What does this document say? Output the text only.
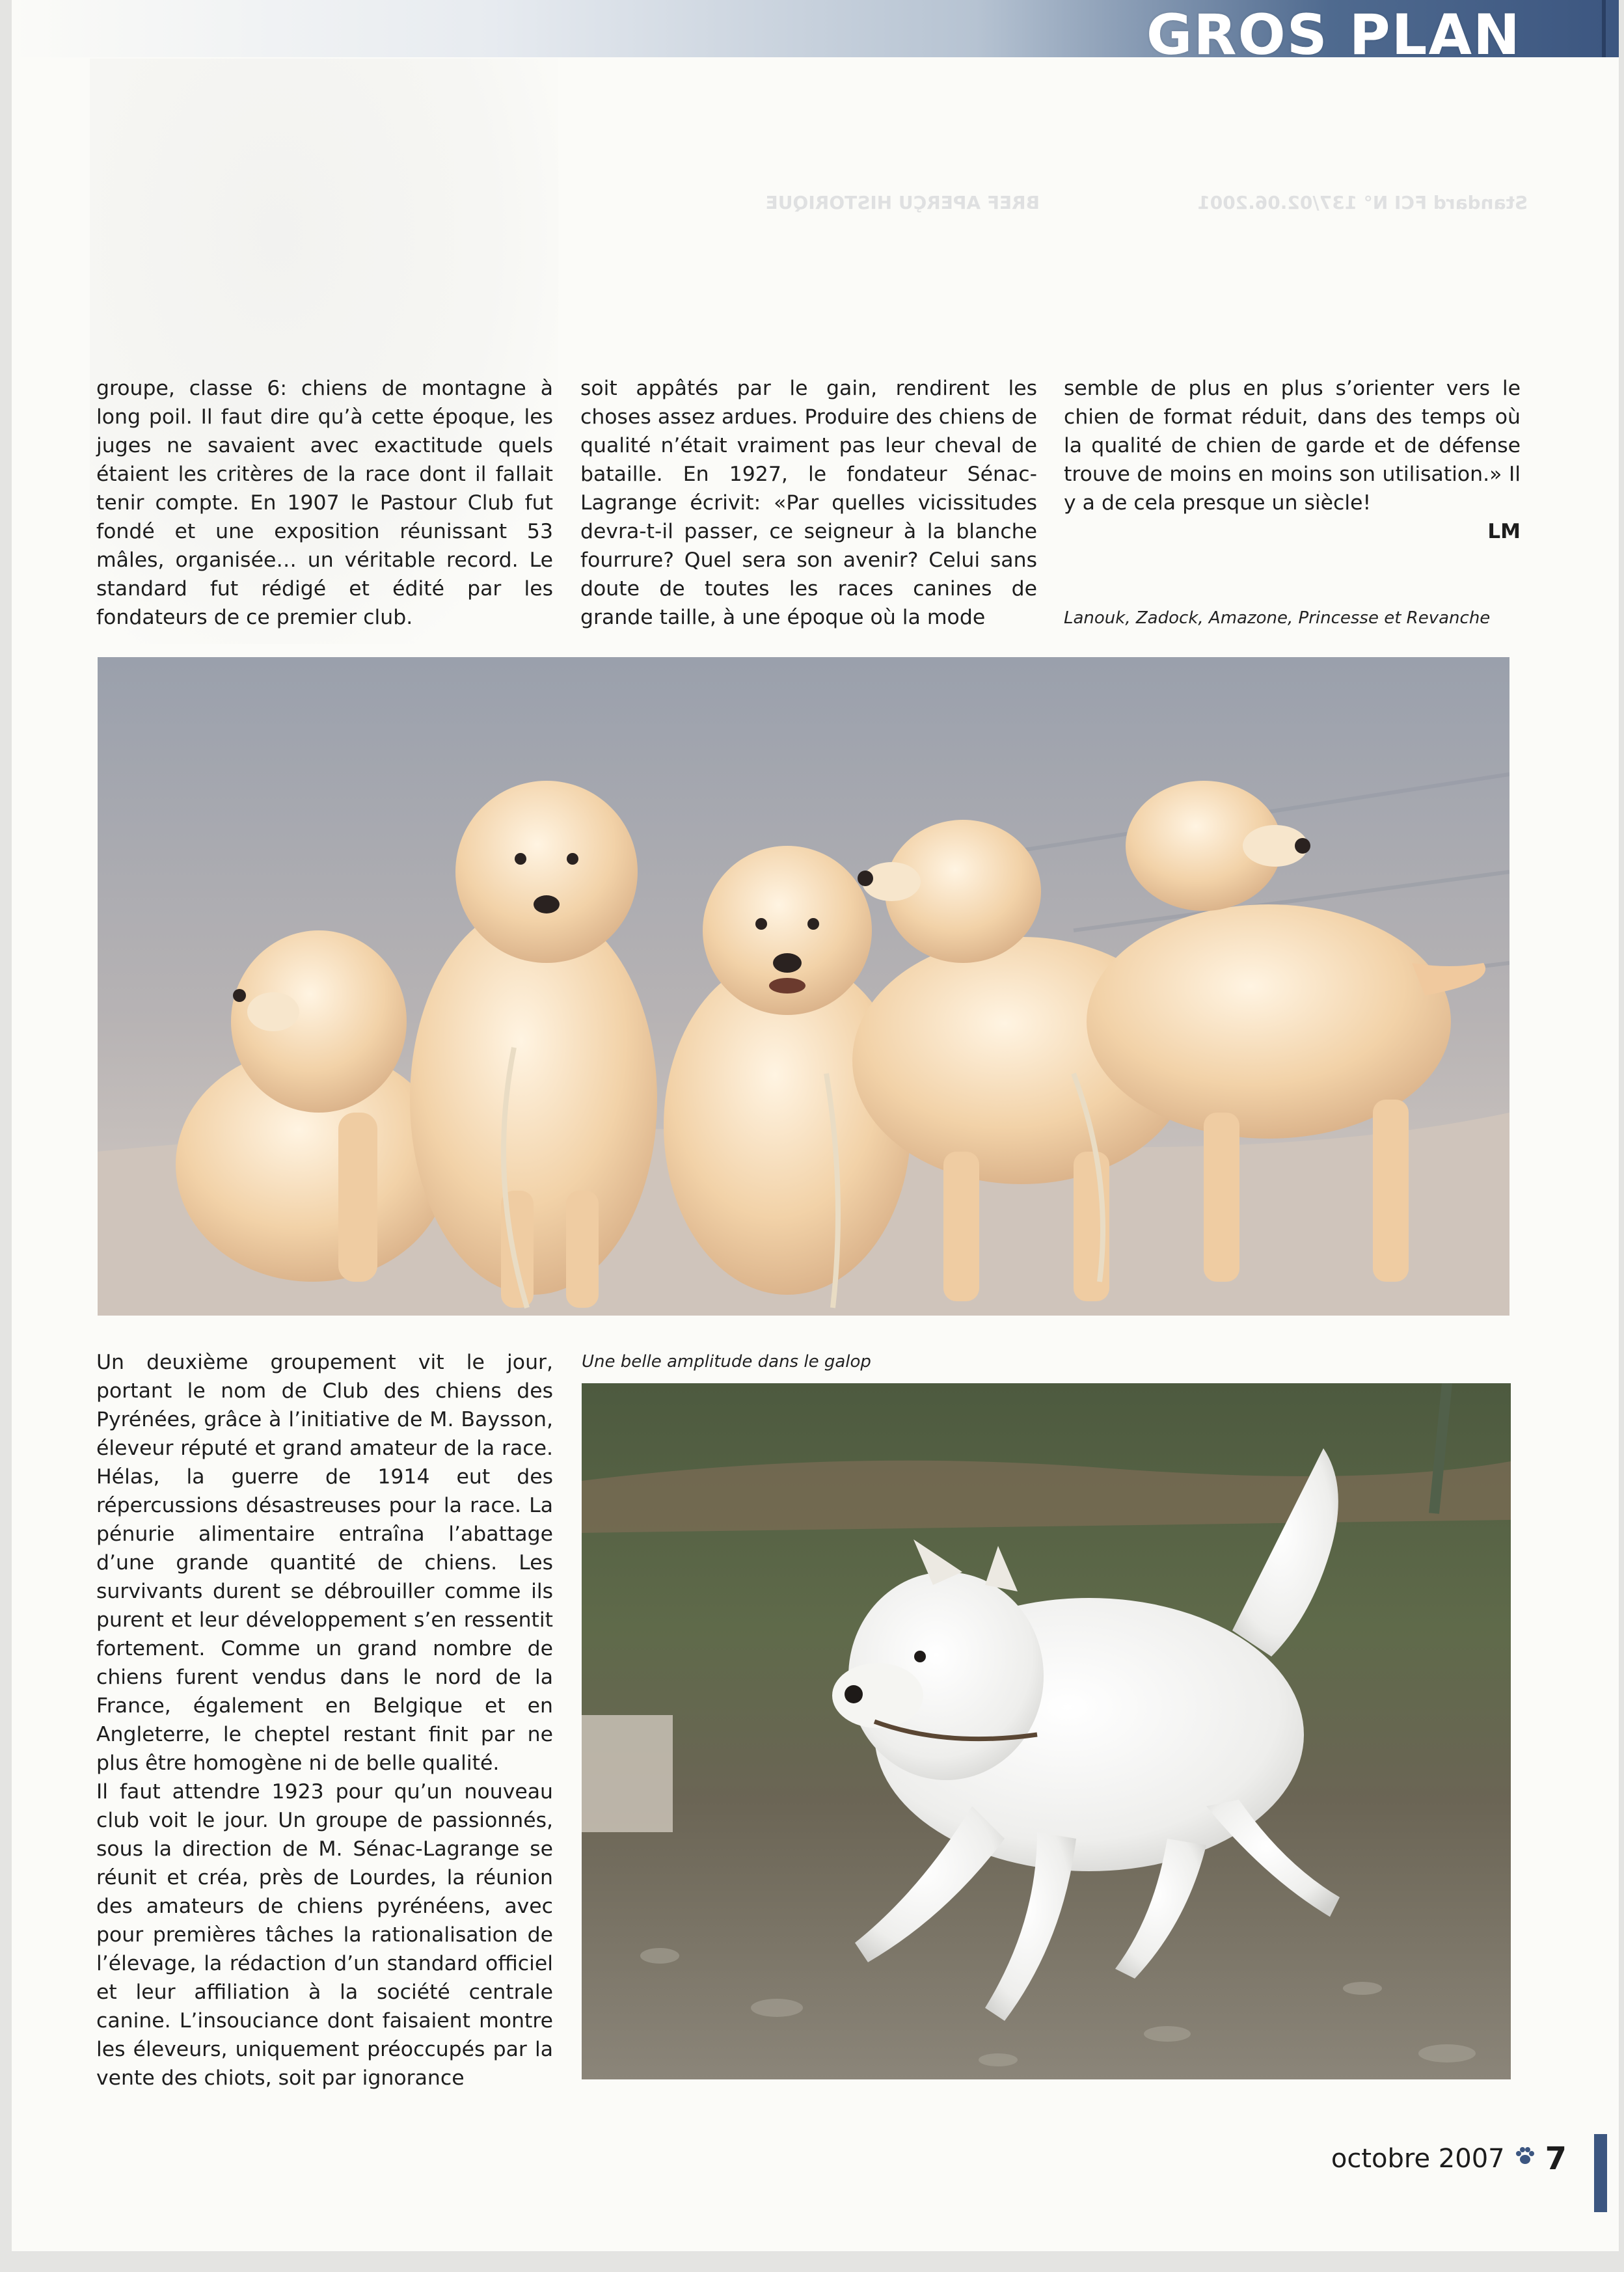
GROS PLAN
Standard FCI N° 137/02.06.2001
BREF APERÇU HISTORIQUE

groupe, classe 6: chiens de montagne à long poil. Il faut dire qu’à cette époque, les juges ne savaient avec exactitude quels étaient les critères de la race dont il fallait tenir compte. En 1907 le Pastour Club fut fondé et une exposition réunissant 53 mâles, organisée… un véritable record. Le standard fut rédigé et édité par les fondateurs de ce premier club.

soit appâtés par le gain, rendirent les choses assez ardues. Produire des chiens de qualité n’était vraiment pas leur cheval de bataille. En 1927, le fondateur Sénac-Lagrange écrivit: «Par quelles vicissitudes devra-t-il passer, ce seigneur à la blanche fourrure? Quel sera son avenir? Celui sans doute de toutes les races canines de grande taille, à une époque où la mode

semble de plus en plus s’orienter vers le chien de format réduit, dans des temps où la qualité de chien de garde et de défense trouve de moins en moins son utilisation.» Il y a de cela presque un siècle!

LM

Lanouk, Zadock, Amazone, Princesse et Revanche

Un deuxième groupement vit le jour, portant le nom de Club des chiens des Pyrénées, grâce à l’initiative de M. Baysson, éleveur réputé et grand amateur de la race. Hélas, la guerre de 1914 eut des répercussions désastreuses pour la race. La pénurie alimentaire entraîna l’abattage d’une grande quantité de chiens. Les survivants durent se débrouiller comme ils purent et leur développement s’en ressentit fortement. Comme un grand nombre de chiens furent vendus dans le nord de la France, également en Belgique et en Angleterre, le cheptel restant finit par ne plus être homogène ni de belle qualité.

Il faut attendre 1923 pour qu’un nouveau club voit le jour. Un groupe de passionnés, sous la direction de M. Sénac-Lagrange se réunit et créa, près de Lourdes, la réunion des amateurs de chiens pyrénéens, avec pour premières tâches la rationalisation de l’élevage, la rédaction d’un standard officiel et leur affiliation à la société centrale canine. L’insouciance dont faisaient montre les éleveurs, uniquement préoccupés par la vente des chiots, soit par ignorance

Une belle amplitude dans le galop
octobre 2007 7
